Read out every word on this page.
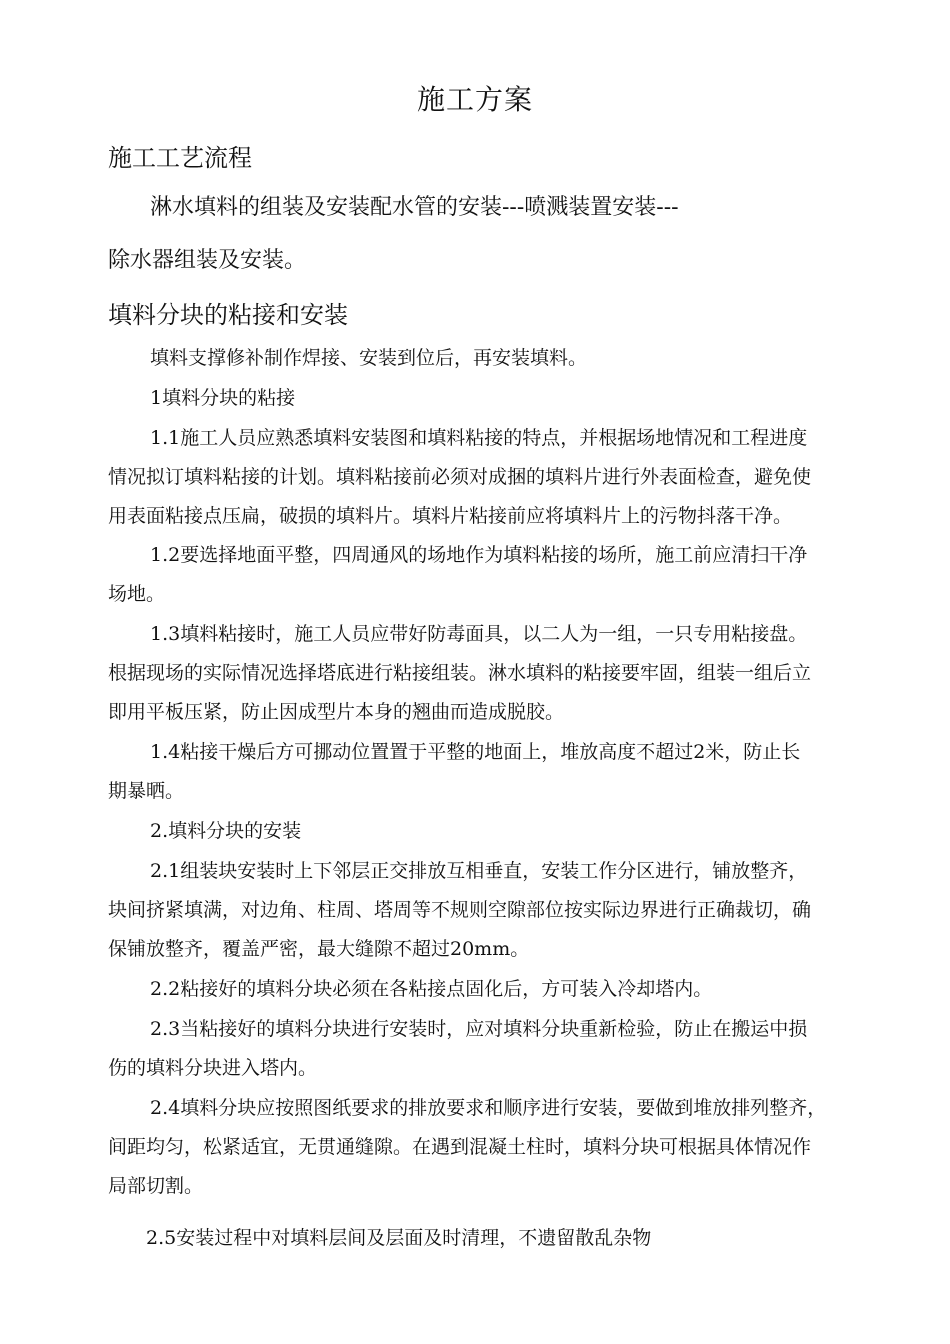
施工方案

施工工艺流程

淋水填料的组装及安装配水管的安装---喷溅装置安装---

除水器组装及安装。

填料分块的粘接和安装

填料支撑修补制作焊接、安装到位后，再安装填料。

1填料分块的粘接

1.1施工人员应熟悉填料安装图和填料粘接的特点，并根据场地情况和工程进度

情况拟订填料粘接的计划。填料粘接前必须对成捆的填料片进行外表面检查，避免使

用表面粘接点压扁，破损的填料片。填料片粘接前应将填料片上的污物抖落干净。

1.2要选择地面平整，四周通风的场地作为填料粘接的场所，施工前应清扫干净

场地。

1.3填料粘接时，施工人员应带好防毒面具，以二人为一组，一只专用粘接盘。

根据现场的实际情况选择塔底进行粘接组装。淋水填料的粘接要牢固，组装一组后立

即用平板压紧，防止因成型片本身的翘曲而造成脱胶。

1.4粘接干燥后方可挪动位置置于平整的地面上，堆放高度不超过2米，防止长

期暴晒。

2.填料分块的安装

2.1组装块安装时上下邻层正交排放互相垂直，安装工作分区进行，铺放整齐，

块间挤紧填满，对边角、柱周、塔周等不规则空隙部位按实际边界进行正确裁切，确

保铺放整齐，覆盖严密，最大缝隙不超过20mm。

2.2粘接好的填料分块必须在各粘接点固化后，方可装入冷却塔内。

2.3当粘接好的填料分块进行安装时，应对填料分块重新检验，防止在搬运中损

伤的填料分块进入塔内。

2.4填料分块应按照图纸要求的排放要求和顺序进行安装，要做到堆放排列整齐，

间距均匀，松紧适宜，无贯通缝隙。在遇到混凝土柱时，填料分块可根据具体情况作

局部切割。

2.5安装过程中对填料层间及层面及时清理，不遗留散乱杂物
